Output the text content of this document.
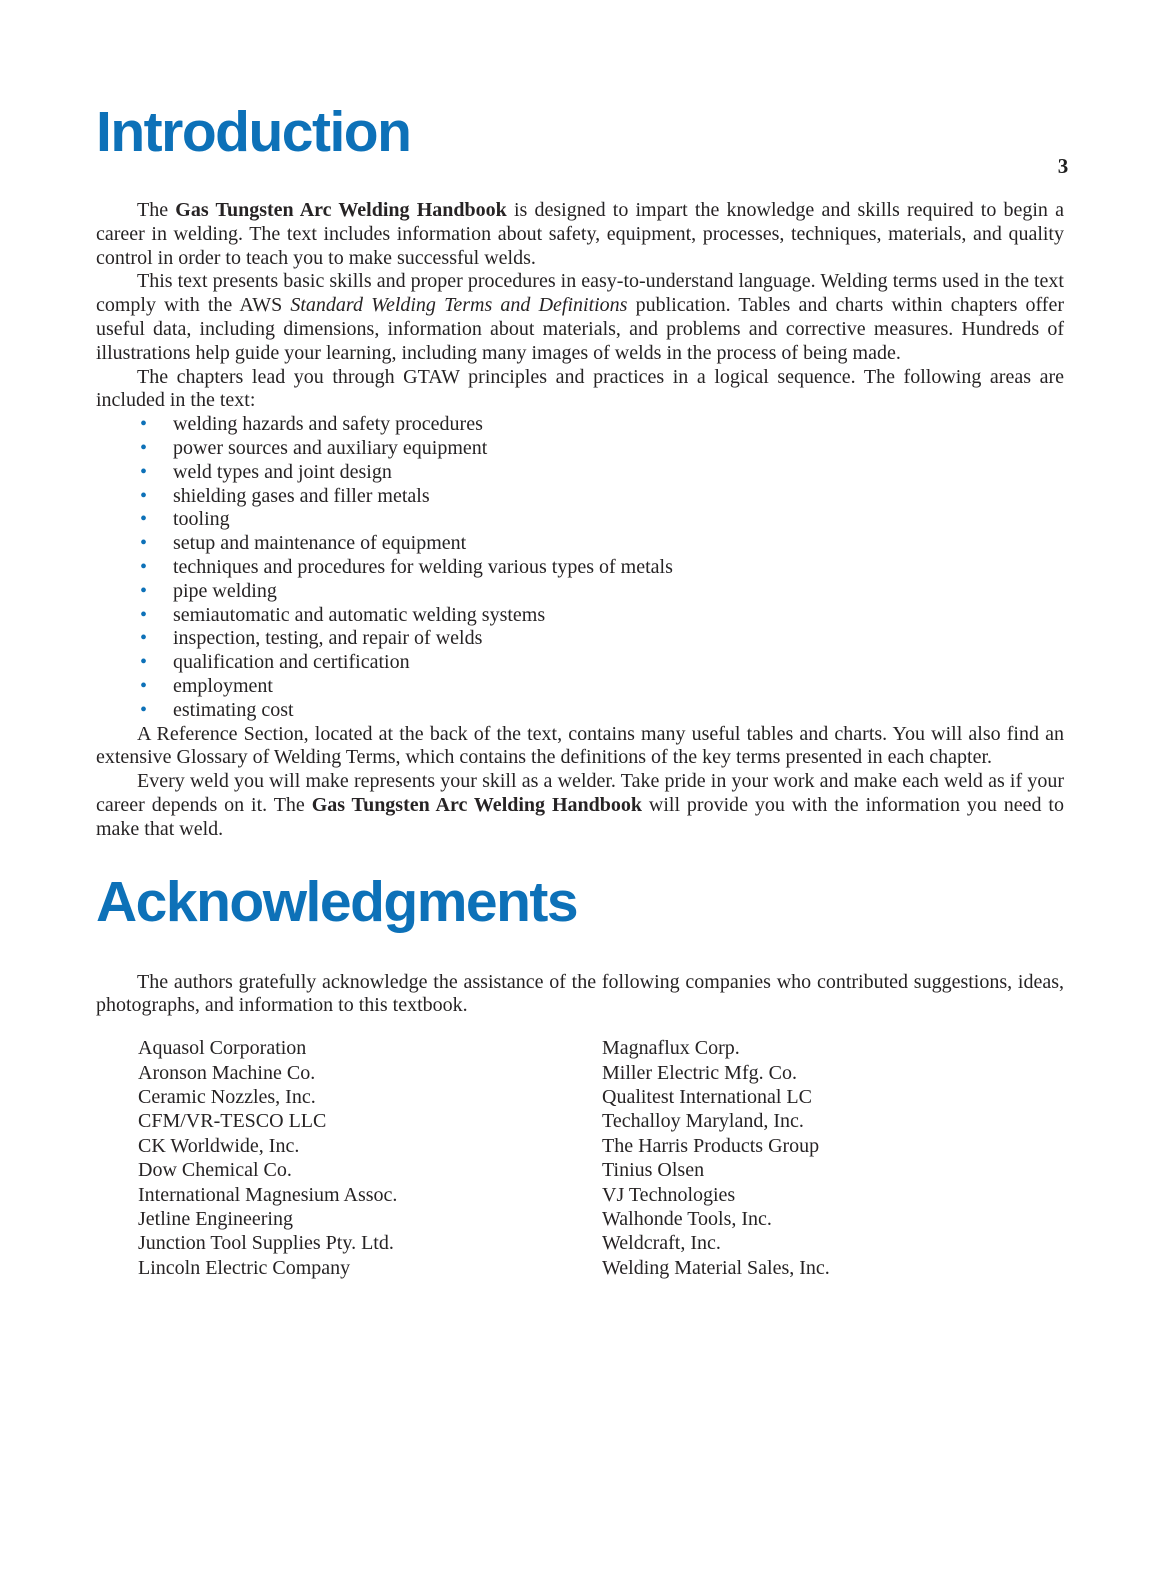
3
Introduction

The Gas Tungsten Arc Welding Handbook is designed to impart the knowledge and skills required to begin a career in welding. The text includes information about safety, equipment, processes, techniques, materials, and quality control in order to teach you to make successful welds.

This text presents basic skills and proper procedures in easy-to-understand language. Welding terms used in the text comply with the AWS Standard Welding Terms and Definitions publication. Tables and charts within chapters offer useful data, including dimensions, information about materials, and problems and corrective measures. Hundreds of illustrations help guide your learning, including many images of welds in the process of being made.

The chapters lead you through GTAW principles and practices in a logical sequence. The following areas are included in the text:

• welding hazards and safety procedures
• power sources and auxiliary equipment
• weld types and joint design
• shielding gases and filler metals
• tooling
• setup and maintenance of equipment
• techniques and procedures for welding various types of metals
• pipe welding
• semiautomatic and automatic welding systems
• inspection, testing, and repair of welds
• qualification and certification
• employment
• estimating cost

A Reference Section, located at the back of the text, contains many useful tables and charts. You will also find an extensive Glossary of Welding Terms, which contains the definitions of the key terms presented in each chapter.

Every weld you will make represents your skill as a welder. Take pride in your work and make each weld as if your career depends on it. The Gas Tungsten Arc Welding Handbook will provide you with the information you need to make that weld.

Acknowledgments

The authors gratefully acknowledge the assistance of the following companies who contributed suggestions, ideas, photographs, and information to this textbook.

Aquasol Corporation
Aronson Machine Co.
Ceramic Nozzles, Inc.
CFM/VR-TESCO LLC
CK Worldwide, Inc.
Dow Chemical Co.
International Magnesium Assoc.
Jetline Engineering
Junction Tool Supplies Pty. Ltd.
Lincoln Electric Company
Magnaflux Corp.
Miller Electric Mfg. Co.
Qualitest International LC
Techalloy Maryland, Inc.
The Harris Products Group
Tinius Olsen
VJ Technologies
Walhonde Tools, Inc.
Weldcraft, Inc.
Welding Material Sales, Inc.
